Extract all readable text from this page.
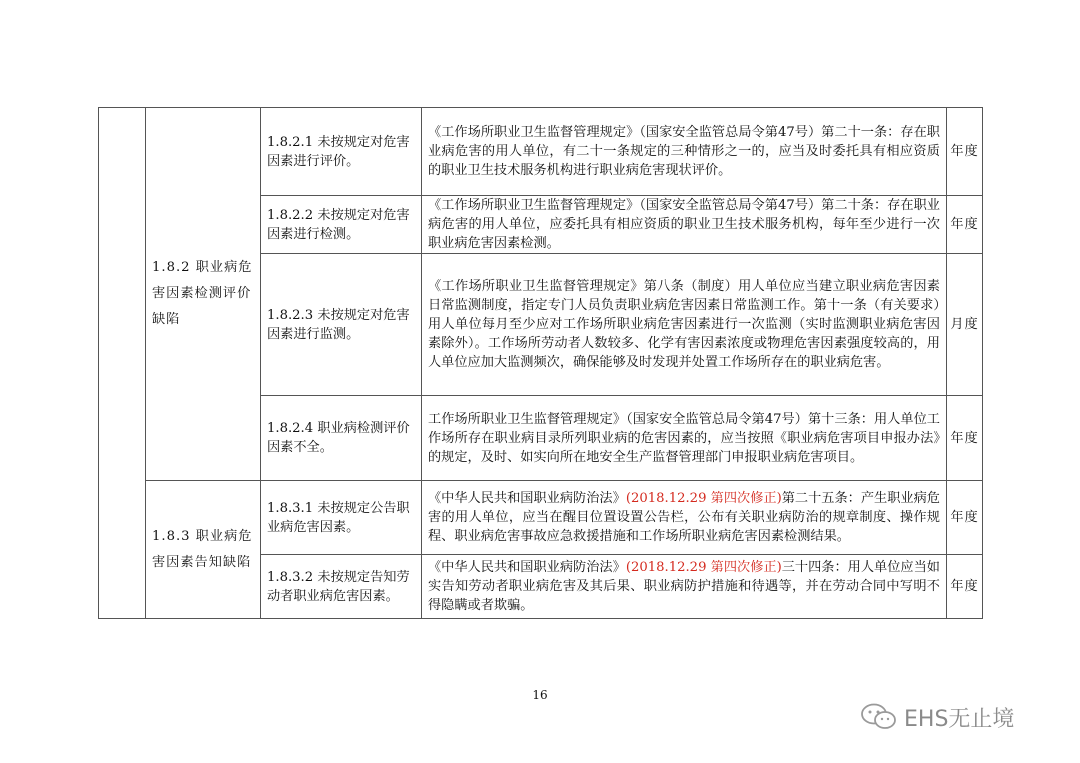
	1.8.2 职业病危害因素检测评价缺陷	1.8.2.1 未按规定对危害因素进行评价。	《工作场所职业卫生监督管理规定》（国家安全监管总局令第47号）第二十一条：存在职业病危害的用人单位，有二十一条规定的三种情形之一的，应当及时委托具有相应资质的职业卫生技术服务机构进行职业病危害现状评价。	年度
		1.8.2.2 未按规定对危害因素进行检测。	《工作场所职业卫生监督管理规定》（国家安全监管总局令第47号）第二十条：存在职业病危害的用人单位，应委托具有相应资质的职业卫生技术服务机构，每年至少进行一次职业病危害因素检测。	年度
		1.8.2.3 未按规定对危害因素进行监测。	《工作场所职业卫生监督管理规定》第八条（制度）用人单位应当建立职业病危害因素日常监测制度，指定专门人员负责职业病危害因素日常监测工作。第十一条（有关要求）用人单位每月至少应对工作场所职业病危害因素进行一次监测（实时监测职业病危害因素除外）。工作场所劳动者人数较多、化学有害因素浓度或物理危害因素强度较高的，用人单位应加大监测频次，确保能够及时发现并处置工作场所存在的职业病危害。	月度
		1.8.2.4 职业病检测评价因素不全。	工作场所职业卫生监督管理规定》（国家安全监管总局令第47号）第十三条：用人单位工作场所存在职业病目录所列职业病的危害因素的，应当按照《职业病危害项目申报办法》的规定，及时、如实向所在地安全生产监督管理部门申报职业病危害项目。	年度
	1.8.3 职业病危害因素告知缺陷	1.8.3.1 未按规定公告职业病危害因素。	《中华人民共和国职业病防治法》(2018.12.29 第四次修正)第二十五条：产生职业病危害的用人单位，应当在醒目位置设置公告栏，公布有关职业病防治的规章制度、操作规程、职业病危害事故应急救援措施和工作场所职业病危害因素检测结果。	年度
		1.8.3.2 未按规定告知劳动者职业病危害因素。	《中华人民共和国职业病防治法》(2018.12.29 第四次修正)三十四条：用人单位应当如实告知劳动者职业病危害及其后果、职业病防护措施和待遇等，并在劳动合同中写明不得隐瞒或者欺骗。	年度
16
EHS无止境
